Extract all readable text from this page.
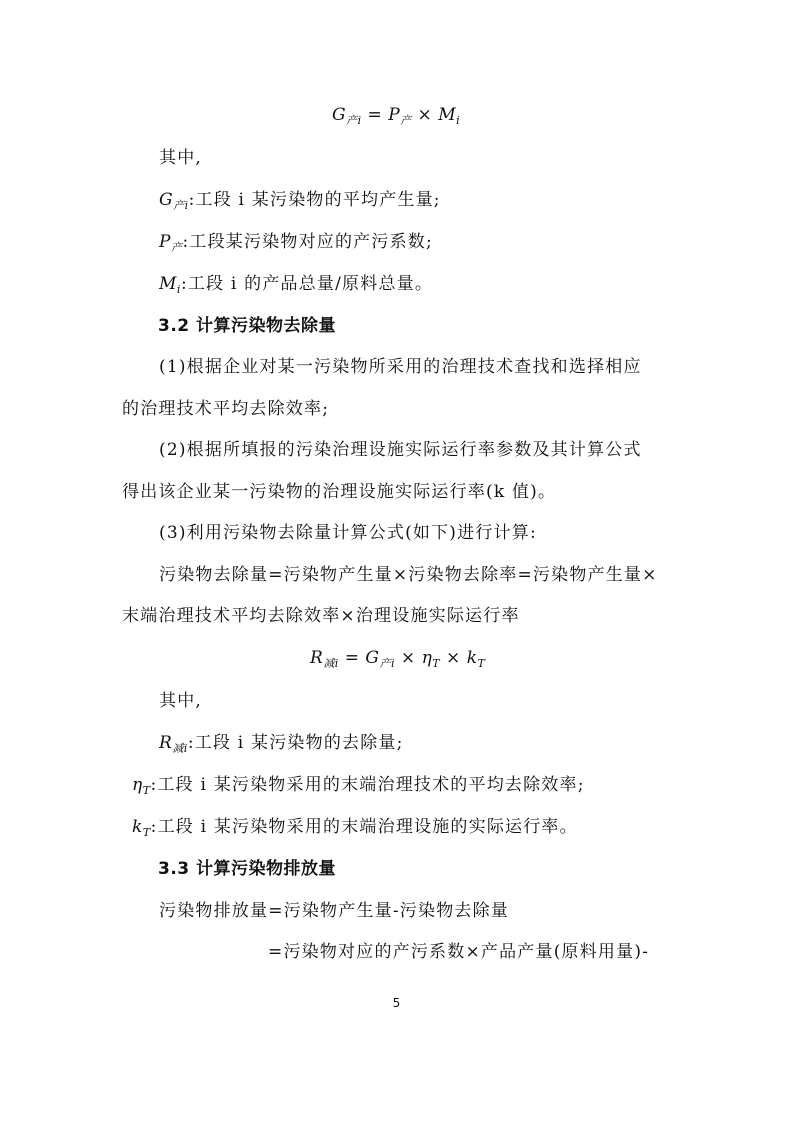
$G_{产i} = P_产 \times M_i$

其中,

$G_{产i}$:工段 i 某污染物的平均产生量;

$P_产$:工段某污染物对应的产污系数;

$M_i$:工段 i 的产品总量/原料总量。

3.2 计算污染物去除量

(1)根据企业对某一污染物所采用的治理技术查找和选择相应

的治理技术平均去除效率;

(2)根据所填报的污染治理设施实际运行率参数及其计算公式

得出该企业某一污染物的治理设施实际运行率(k 值)。

(3)利用污染物去除量计算公式(如下)进行计算:

污染物去除量=污染物产生量×污染物去除率=污染物产生量×

末端治理技术平均去除效率×治理设施实际运行率

$R_{减i} = G_{产i} \times \eta_T \times k_T$

其中,

$R_{减i}$:工段 i 某污染物的去除量;

$\eta_T$:工段 i 某污染物采用的末端治理技术的平均去除效率;

$k_T$:工段 i 某污染物采用的末端治理设施的实际运行率。

3.3 计算污染物排放量

污染物排放量=污染物产生量-污染物去除量

=污染物对应的产污系数×产品产量(原料用量)-

5
